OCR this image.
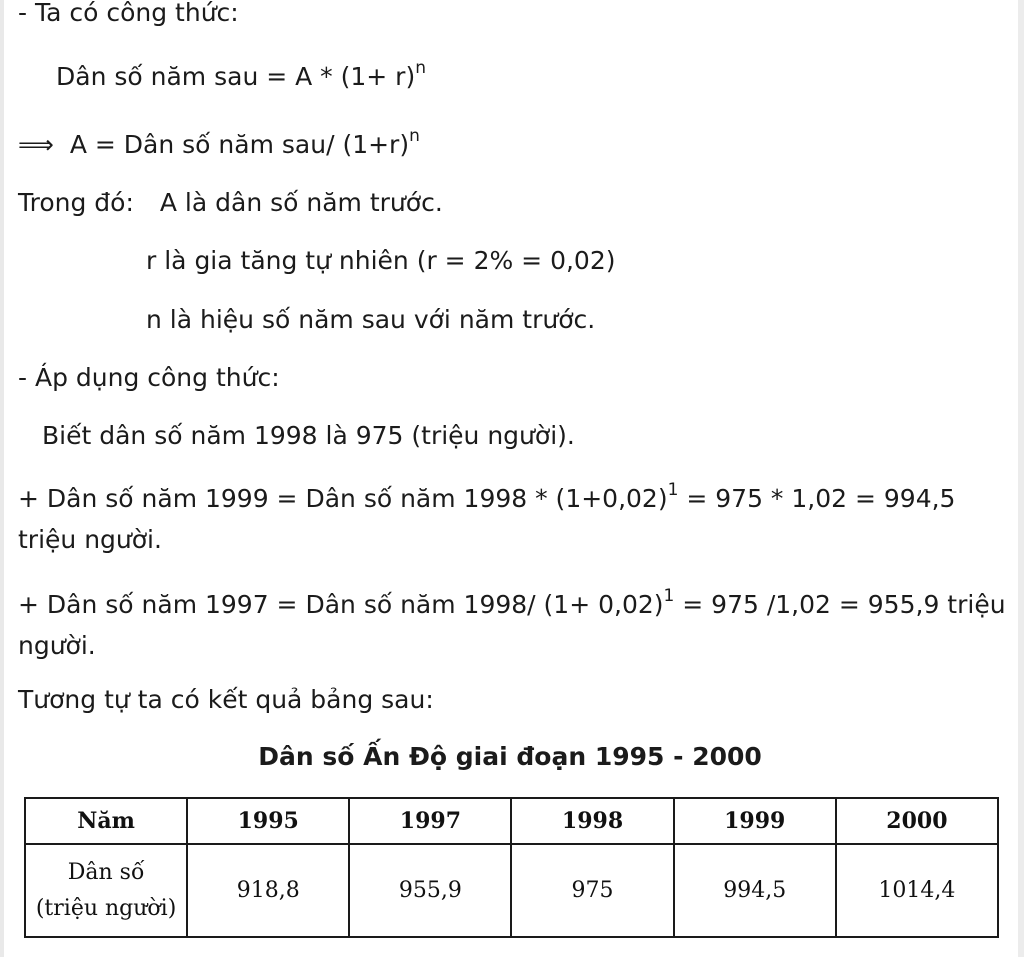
- Ta có công thức:
Dân số năm sau = $A * (1+ r)^n$
⟹ A = Dân số năm sau/ $(1+r)^n$
Trong đó: A là dân số năm trước.
r là gia tăng tự nhiên (r = 2% = 0,02)
n là hiệu số năm sau với năm trước.
- Áp dụng công thức:
Biết dân số năm 1998 là 975 (triệu người).
+ Dân số năm 1999 = Dân số năm $1998 * (1+0,02)^1 = 975 * 1,02 = 994,5$ triệu người.
+ Dân số năm 1997 = Dân số năm 1998/ $(1+ 0,02)^1 = 975$ /1,02 = 955,9 triệu người.
Tương tự ta có kết quả bảng sau:
Dân số Ấn Độ giai đoạn 1995 - 2000
Năm	1995	1997	1998	1999	2000

Dân số
(triệu người)	918,8	955,9	975	994,5	1014,4
